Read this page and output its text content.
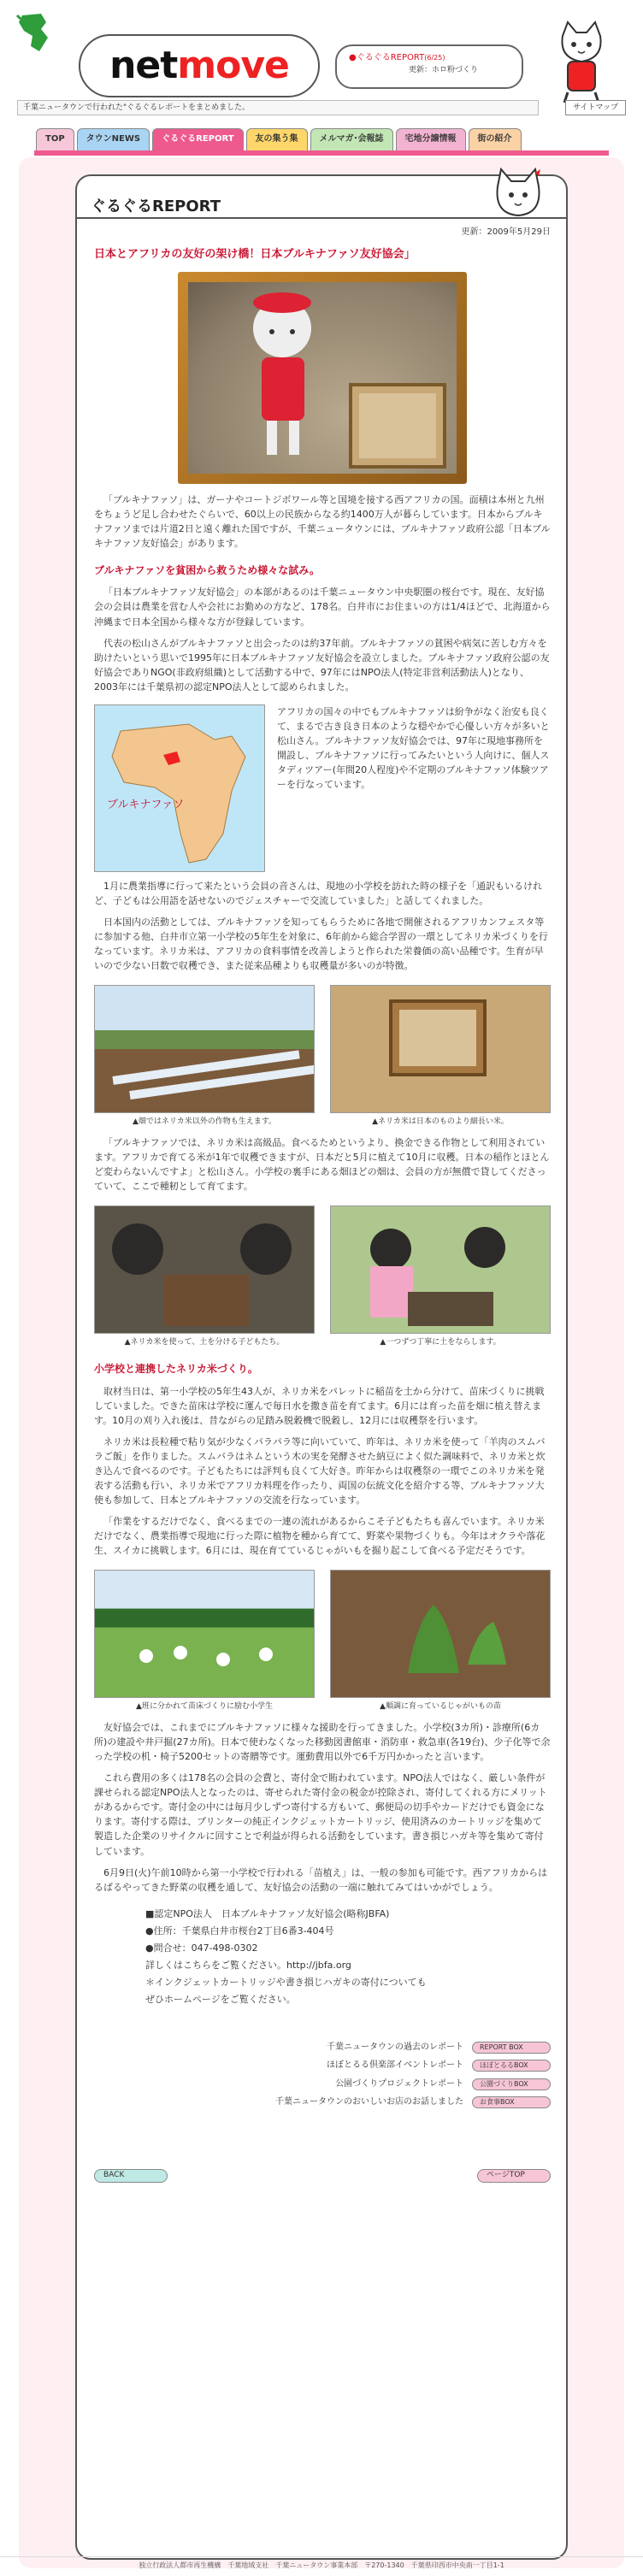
netmove	●ぐるぐるREPORT(6/25)
更新：ホロ粉づくり
千葉ニュータウンで行われた"ぐるぐるレポートをまとめました。	サイトマップ
TOP	タウンNEWS	ぐるぐるREPORT	友の集う集	メルマガ･会報誌	宅地分譲情報	街の紹介
ぐるぐるREPORT
更新：2009年5月29日
日本とアフリカの友好の架け橋！日本ブルキナファソ友好協会」

「ブルキナファソ」は、ガーナやコートジボワール等と国境を接する西アフリカの国。面積は本州と九州をちょうど足し合わせたぐらいで、60以上の民族からなる約1400万人が暮らしています。日本からブルキナファソまでは片道2日と遠く離れた国ですが、千葉ニュータウンには、ブルキナファソ政府公認「日本ブルキナファソ友好協会」があります。

ブルキナファソを貧困から救うため様々な試み。

「日本ブルキナファソ友好協会」の本部があるのは千葉ニュータウン中央駅圏の桜台です。現在、友好協会の会員は農業を営む人や会社にお勤めの方など、178名。白井市にお住まいの方は1/4ほどで、北海道から沖縄まで日本全国から様々な方が登録しています。

代表の松山さんがブルキナファソと出会ったのは約37年前。ブルキナファソの貧困や病気に苦しむ方々を助けたいという思いで1995年に日本ブルキナファソ友好協会を設立しました。ブルキナファソ政府公認の友好協会でありNGO(非政府組織)として活動する中で、97年にはNPO法人(特定非営利活動法人)となり、2003年には千葉県初の認定NPO法人として認められました。

ブルキナファソ
アフリカの国々の中でもブルキナファソは紛争がなく治安も良くて、まるで古き良き日本のような穏やかで心優しい方々が多いと松山さん。ブルキナファソ友好協会では、97年に現地事務所を開設し、ブルキナファソに行ってみたいという人向けに、個人スタディツアー(年間20人程度)や不定期のブルキナファソ体験ツアーを行なっています。

1月に農業指導に行って来たという会員の音さんは、現地の小学校を訪れた時の様子を「通訳もいるけれど、子どもは公用語を話せないのでジェスチャーで交流していました」と話してくれました。

日本国内の活動としては、ブルキナファソを知ってもらうために各地で開催されるアフリカンフェスタ等に参加する他、白井市立第一小学校の5年生を対象に、6年前から総合学習の一環としてネリカ米づくりを行なっています。ネリカ米は、アフリカの食料事情を改善しようと作られた栄養価の高い品種です。生育が早いので少ない日数で収穫でき、また従来品種よりも収穫量が多いのが特徴。

▲畑ではネリカ米以外の作物も生えます。	▲ネリカ米は日本のものより細長い米。

「ブルキナファソでは、ネリカ米は高級品。食べるためというより、換金できる作物として利用されています。アフリカで育てる米が1年で収穫できますが、日本だと5月に植えて10月に収穫。日本の稲作とほとんど変わらないんですよ」と松山さん。小学校の裏手にある畑ほどの畑は、会員の方が無償で貸してくださっていて、ここで種籾として育てます。

▲ネリカ米を使って、土を分ける子どもたち。	▲一つずつ丁寧に土をならします。
小学校と連携したネリカ米づくり。

取材当日は、第一小学校の5年生43人が、ネリカ米をパレットに稲苗を土から分けて、苗床づくりに挑戦していました。できた苗床は学校に運んで毎日水を撒き苗を育てます。6月には育った苗を畑に植え替えます。10月の刈り入れ後は、昔ながらの足踏み脱穀機で脱穀し、12月には収穫祭を行います。

ネリカ米は長粒種で粘り気が少なくパラパラ等に向いていて、昨年は、ネリカ米を使って「羊肉のスムバラご飯」を作りました。スムバラはネムという木の実を発酵させた納豆によく似た調味料で、ネリカ米と炊き込んで食べるのです。子どもたちには評判も良くて大好き。昨年からは収穫祭の一環でこのネリカ米を発表する活動も行い、ネリカ米でアフリカ料理を作ったり、両国の伝統文化を紹介する等、ブルキナファソ大使も参加して、日本とブルキナファソの交流を行なっています。

「作業をするだけでなく、食べるまでの一連の流れがあるからこそ子どもたちも喜んでいます。ネリカ米だけでなく、農業指導で現地に行った際に植物を種から育てて、野菜や果物づくりも。今年はオクラや落花生、スイカに挑戦します。6月には、現在育てているじゃがいもを掘り起こして食べる予定だそうです。

▲班に分かれて苗床づくりに励む小学生	▲順調に育っているじゃがいもの苗

友好協会では、これまでにブルキナファソに様々な援助を行ってきました。小学校(3カ所)・診療所(6カ所)の建設や井戸掘(27カ所)。日本で使わなくなった移動図書館車・消防車・救急車(各19台)、少子化等で余った学校の机・椅子5200セットの寄贈等です。運動費用以外で6千万円かかったと言います。

これら費用の多くは178名の会員の会費と、寄付金で賄われています。NPO法人ではなく、厳しい条件が課せられる認定NPO法人となったのは、寄せられた寄付金の税金が控除され、寄付してくれる方にメリットがあるからです。寄付金の中には毎月少しずつ寄付する方もいて、郵便局の切手やカードだけでも資金になります。寄付する際は、プリンターの純正インクジェットカートリッジ、使用済みのカートリッジを集めて製造した企業のリサイクルに回すことで利益が得られる活動をしています。書き損じハガキ等を集めて寄付しています。

6月9日(火)午前10時から第一小学校で行われる「苗植え」は、一般の参加も可能です。西アフリカからはるばるやってきた野菜の収穫を通して、友好協会の活動の一端に触れてみてはいかがでしょう。

■認定NPO法人　日本ブルキナファソ友好協会(略称JBFA)
●住所：千葉県白井市桜台2丁目6番3-404号
●問合せ：047-498-0302
詳しくはこちらをご覧ください。http://jbfa.org
＊インクジェットカートリッジや書き損じハガキの寄付についても
ぜひホームページをご覧ください。
千葉ニュータウンの過去のレポート	REPORT BOX
ほぼとるる倶楽部イベントレポート	ほぼとるるBOX
公園づくりプロジェクトレポート	公園づくりBOX
千葉ニュータウンのおいしいお店のお話しました	お食事BOX
BACK	ページTOP
独立行政法人都市再生機構　千葉地域支社　千葉ニュータウン事業本部　〒270-1340　千葉県印西市中央南一丁目1-1
